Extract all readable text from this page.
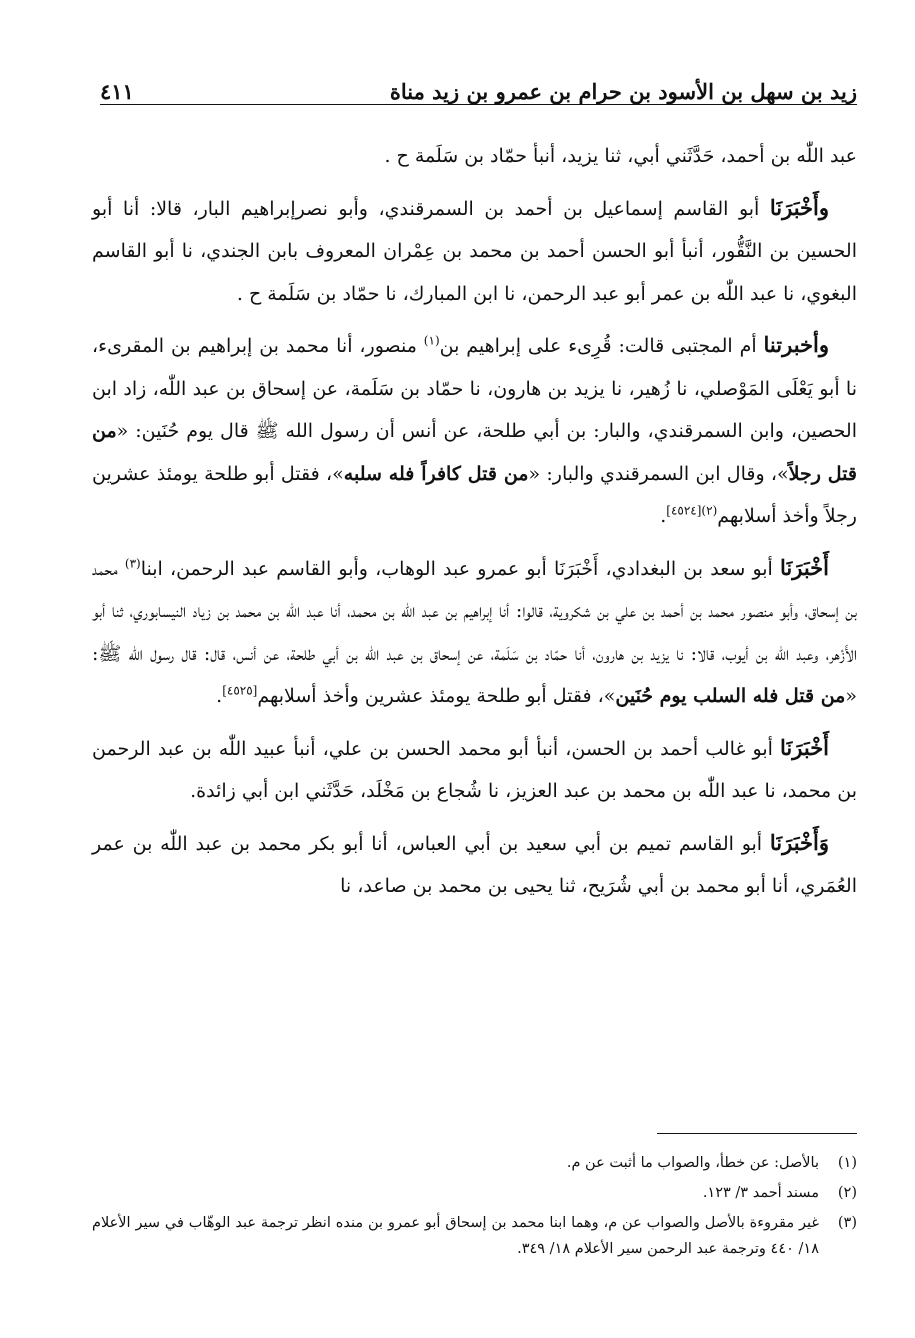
زيد بن سهل بن الأسود بن حرام بن عمرو بن زيد مناة
٤١١

عبد اللّٰه بن أحمد، حَدَّثَني أبي، ثنا يزيد، أنبأ حمّاد بن سَلَمة ح .

وأَخْبَرَنَا أبو القاسم إسماعيل بن أحمد بن السمرقندي، وأبو نصرإبراهيم البار، قالا: أنا أبو الحسين بن النَّقُّور، أنبأ أبو الحسن أحمد بن محمد بن عِمْران المعروف بابن الجندي، نا أبو القاسم البغوي، نا عبد اللّٰه بن عمر أبو عبد الرحمن، نا ابن المبارك، نا حمّاد بن سَلَمة ح .

وأخبرتنا أم المجتبى قالت: قُرِىء على إبراهيم بن$^{(١)}$ منصور، أنا محمد بن إبراهيم بن المقرىء، نا أبو يَعْلَى المَوْصلي، نا زُهير، نا يزيد بن هارون، نا حمّاد بن سَلَمة، عن إسحاق بن عبد اللّٰه، زاد ابن الحصين، وابن السمرقندي، والبار: بن أبي طلحة، عن أنس أن رسول الله ﷺ قال يوم حُنَين: «من قتل رجلاً»، وقال ابن السمرقندي والبار: «من قتل كافراً فله سلبه»، فقتل أبو طلحة يومئذ عشرين رجلاً وأخذ أسلابهم$^{(٢)[٤٥٢٤]}$.

أَخْبَرَنَا أبو سعد بن البغدادي، أَخْبَرَنَا أبو عمرو عبد الوهاب، وأبو القاسم عبد الرحمن، ابنا$^{(٣)}$ محمد بن إسحاق، وأبو منصور محمد بن أحمد بن علي بن شكروية، قالوا: أنا إبراهيم بن عبد اللّٰه بن محمد، أنا عبد اللّٰه بن محمد بن زياد النيسابوري، ثنا أبو الأَزْهر، وعبد اللّٰه بن أيوب، قالا: نا يزيد بن هارون، أنا حمّاد بن سَلَمة، عن إسحاق بن عبد اللّٰه بن أبي طلحة، عن أنس، قال: قال رسول الله ﷺ: «من قتل فله السلب يوم حُنَين»، فقتل أبو طلحة يومئذ عشرين وأخذ أسلابهم[٤٥٢٥].

أَخْبَرَنَا أبو غالب أحمد بن الحسن، أنبأ أبو محمد الحسن بن علي، أنبأ عبيد اللّٰه بن عبد الرحمن بن محمد، نا عبد اللّٰه بن محمد بن عبد العزيز، نا شُجاع بن مَخْلَد، حَدَّثَني ابن أبي زائدة.

وَأَخْبَرَنَا أبو القاسم تميم بن أبي سعيد بن أبي العباس، أنا أبو بكر محمد بن عبد اللّٰه بن عمر العُمَري، أنا أبو محمد بن أبي شُرَيح، ثنا يحيى بن محمد بن صاعد، نا

(١)
بالأصل: عن خطأ، والصواب ما أثبت عن م.
(٢)
مسند أحمد ٣/ ١٢٣.
(٣)
غير مقروءة بالأصل والصواب عن م، وهما ابنا محمد بن إسحاق أبو عمرو بن منده انظر ترجمة عبد الوهّاب في سير الأعلام ١٨/ ٤٤٠ وترجمة عبد الرحمن سير الأعلام ١٨/ ٣٤٩.
